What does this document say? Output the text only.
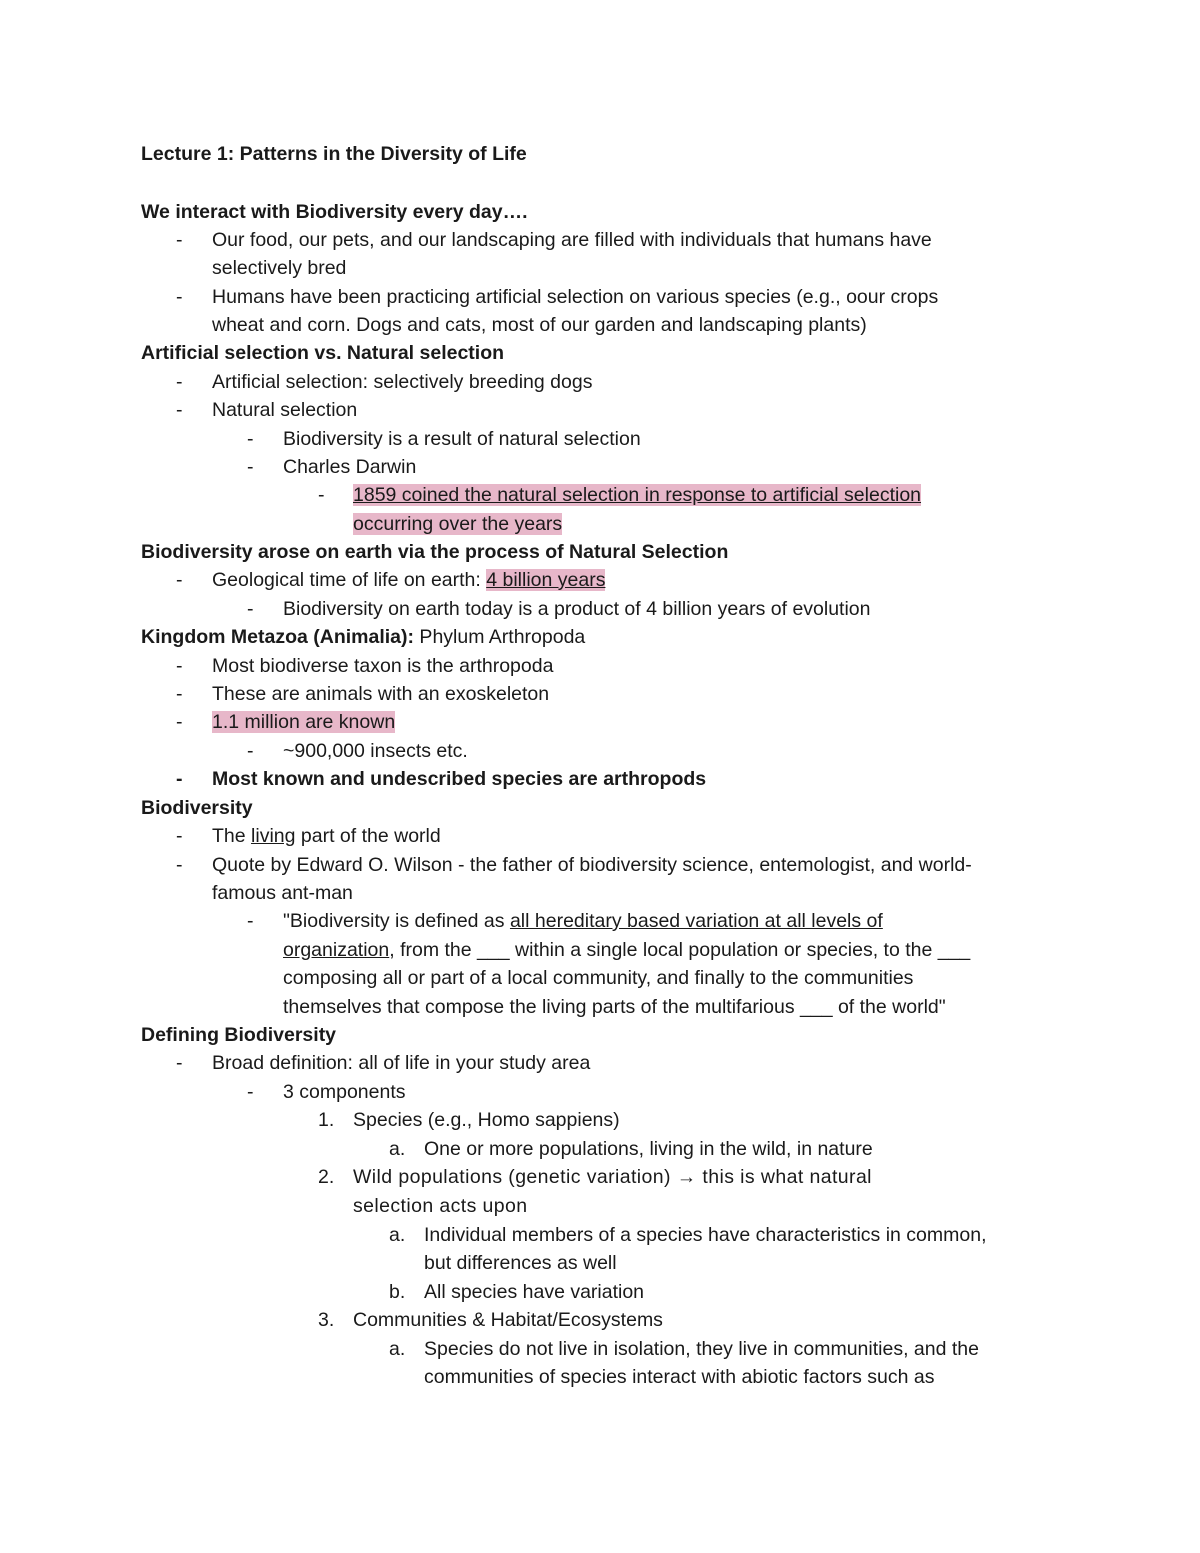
Lecture 1: Patterns in the Diversity of Life
We interact with Biodiversity every day….
- Our food, our pets, and our landscaping are filled with individuals that humans have
selectively bred
- Humans have been practicing artificial selection on various species (e.g., oour crops
wheat and corn. Dogs and cats, most of our garden and landscaping plants)
Artificial selection vs. Natural selection
- Artificial selection: selectively breeding dogs
- Natural selection
- Biodiversity is a result of natural selection
- Charles Darwin
- 1859 coined the natural selection in response to artificial selection
occurring over the years
Biodiversity arose on earth via the process of Natural Selection
- Geological time of life on earth: 4 billion years
- Biodiversity on earth today is a product of 4 billion years of evolution
Kingdom Metazoa (Animalia): Phylum Arthropoda
- Most biodiverse taxon is the arthropoda
- These are animals with an exoskeleton
- 1.1 million are known
- ~900,000 insects etc.
- Most known and undescribed species are arthropods
Biodiversity
- The living part of the world
- Quote by Edward O. Wilson - the father of biodiversity science, entemologist, and world-
famous ant-man
- "Biodiversity is defined as all hereditary based variation at all levels of
organization, from the ___ within a single local population or species, to the ___
composing all or part of a local community, and finally to the communities
themselves that compose the living parts of the multifarious ___ of the world"
Defining Biodiversity
- Broad definition: all of life in your study area
- 3 components
1. Species (e.g., Homo sappiens)
a. One or more populations, living in the wild, in nature
2. Wild populations (genetic variation) → this is what natural
selection acts upon
a. Individual members of a species have characteristics in common,
but differences as well
b. All species have variation
3. Communities & Habitat/Ecosystems
a. Species do not live in isolation, they live in communities, and the
communities of species interact with abiotic factors such as
